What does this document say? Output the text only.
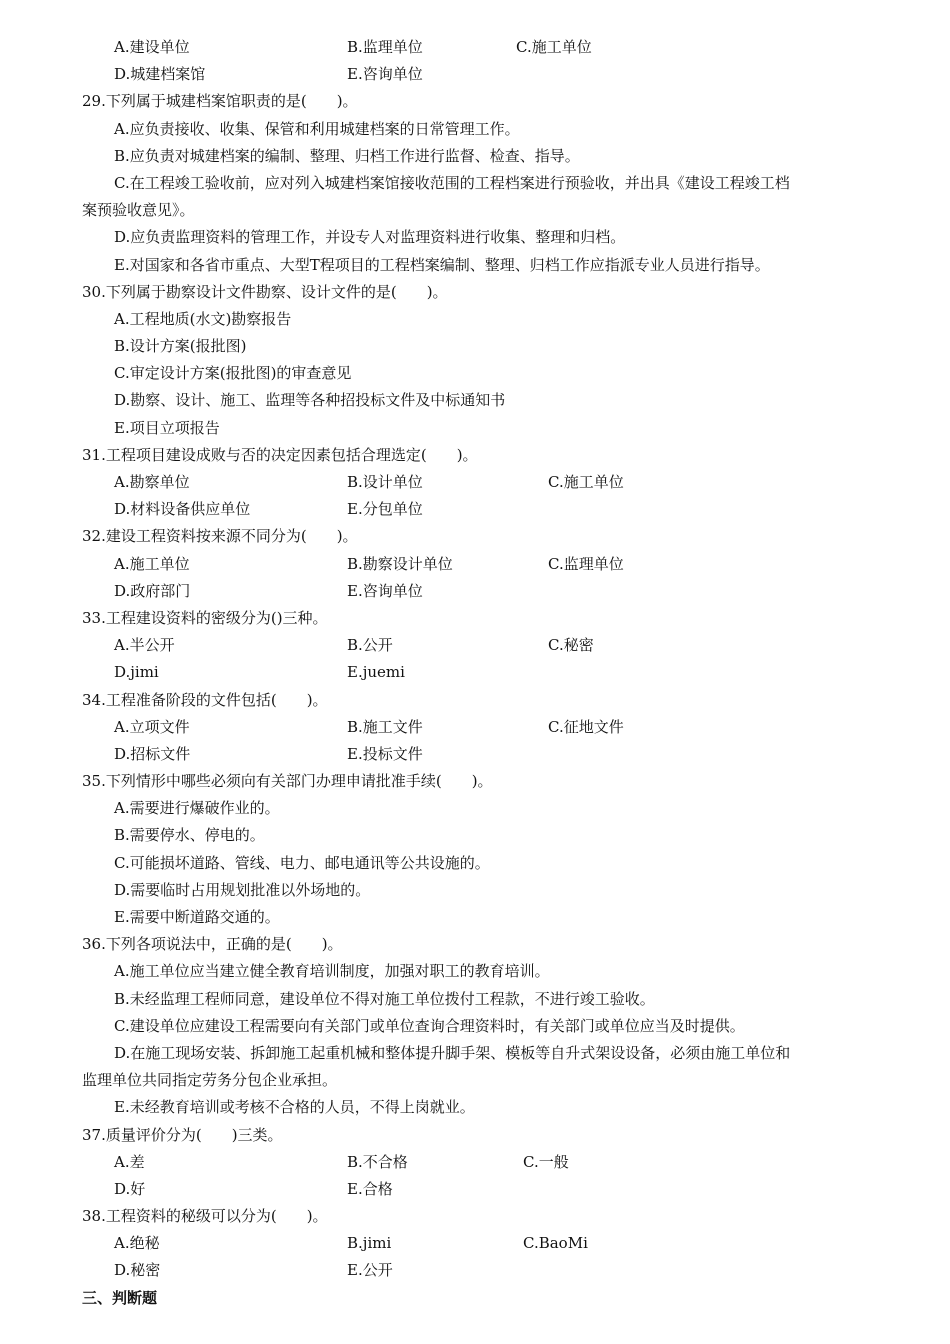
A.建设单位	B.监理单位	C.施工单位
D.城建档案馆	E.咨询单位
29.下列属于城建档案馆职责的是(　　)。
A.应负责接收、收集、保管和利用城建档案的日常管理工作。
B.应负责对城建档案的编制、整理、归档工作进行监督、检查、指导。
C.在工程竣工验收前，应对列入城建档案馆接收范围的工程档案进行预验收，并出具《建设工程竣工档
案预验收意见》。
D.应负责监理资料的管理工作，并设专人对监理资料进行收集、整理和归档。
E.对国家和各省市重点、大型T程项目的工程档案编制、整理、归档工作应指派专业人员进行指导。
30.下列属于勘察设计文件勘察、设计文件的是(　　)。
A.工程地质(水文)勘察报告
B.设计方案(报批图)
C.审定设计方案(报批图)的审查意见
D.勘察、设计、施工、监理等各种招投标文件及中标通知书
E.项目立项报告
31.工程项目建设成败与否的决定因素包括合理选定(　　)。
A.勘察单位	B.设计单位	C.施工单位
D.材料设备供应单位	E.分包单位
32.建设工程资料按来源不同分为(　　)。
A.施工单位	B.勘察设计单位	C.监理单位
D.政府部门	E.咨询单位
33.工程建设资料的密级分为()三种。
A.半公开	B.公开	C.秘密
D.jimi	E.juemi
34.工程准备阶段的文件包括(　　)。
A.立项文件	B.施工文件	C.征地文件
D.招标文件	E.投标文件
35.下列情形中哪些必须向有关部门办理申请批准手续(　　)。
A.需要进行爆破作业的。
B.需要停水、停电的。
C.可能损坏道路、管线、电力、邮电通讯等公共设施的。
D.需要临时占用规划批准以外场地的。
E.需要中断道路交通的。
36.下列各项说法中，正确的是(　　)。
A.施工单位应当建立健全教育培训制度，加强对职工的教育培训。
B.未经监理工程师同意，建设单位不得对施工单位拨付工程款，不进行竣工验收。
C.建设单位应建设工程需要向有关部门或单位查询合理资料时，有关部门或单位应当及时提供。
D.在施工现场安装、拆卸施工起重机械和整体提升脚手架、模板等自升式架设设备，必须由施工单位和
监理单位共同指定劳务分包企业承担。
E.未经教育培训或考核不合格的人员，不得上岗就业。
37.质量评价分为(　　)三类。
A.差	B.不合格	C.一般
D.好	E.合格
38.工程资料的秘级可以分为(　　)。
A.绝秘	B.jimi	C.BaoMi
D.秘密	E.公开
三、判断题
